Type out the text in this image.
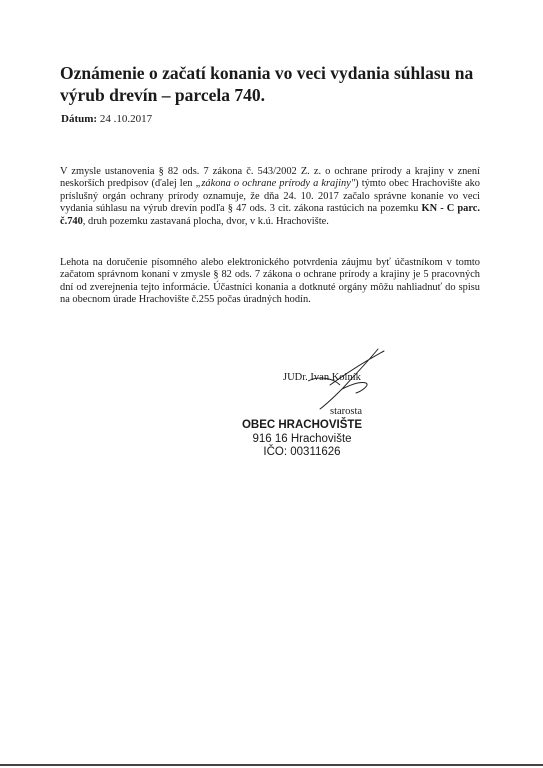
Oznámenie o začatí konania vo veci vydania súhlasu na výrub drevín – parcela 740.
Dátum: 24 .10.2017

V zmysle ustanovenia § 82 ods. 7 zákona č. 543/2002 Z. z. o ochrane prírody a krajiny v znení neskorších predpisov (ďalej len „zákona o ochrane prírody a krajiny") týmto obec Hrachovište ako príslušný orgán ochrany prírody oznamuje, že dňa 24. 10. 2017 začalo správne konanie vo veci vydania súhlasu na výrub drevín podľa § 47 ods. 3 cit. zákona rastúcich na pozemku KN - C parc. č.740, druh pozemku zastavaná plocha, dvor, v k.ú. Hrachovište.

Lehota na doručenie písomného alebo elektronického potvrdenia záujmu byť účastníkom v tomto začatom správnom konaní v zmysle § 82 ods. 7 zákona o ochrane prírody a krajiny je 5 pracovných dní od zverejnenia tejto informácie. Účastníci konania a dotknuté orgány môžu nahliadnuť do spisu na obecnom úrade Hrachovište č.255 počas úradných hodín.

JUDr. Ivan Kolník
starosta
OBEC HRACHOVIŠTE
916 16 Hrachovište
IČO: 00311626
